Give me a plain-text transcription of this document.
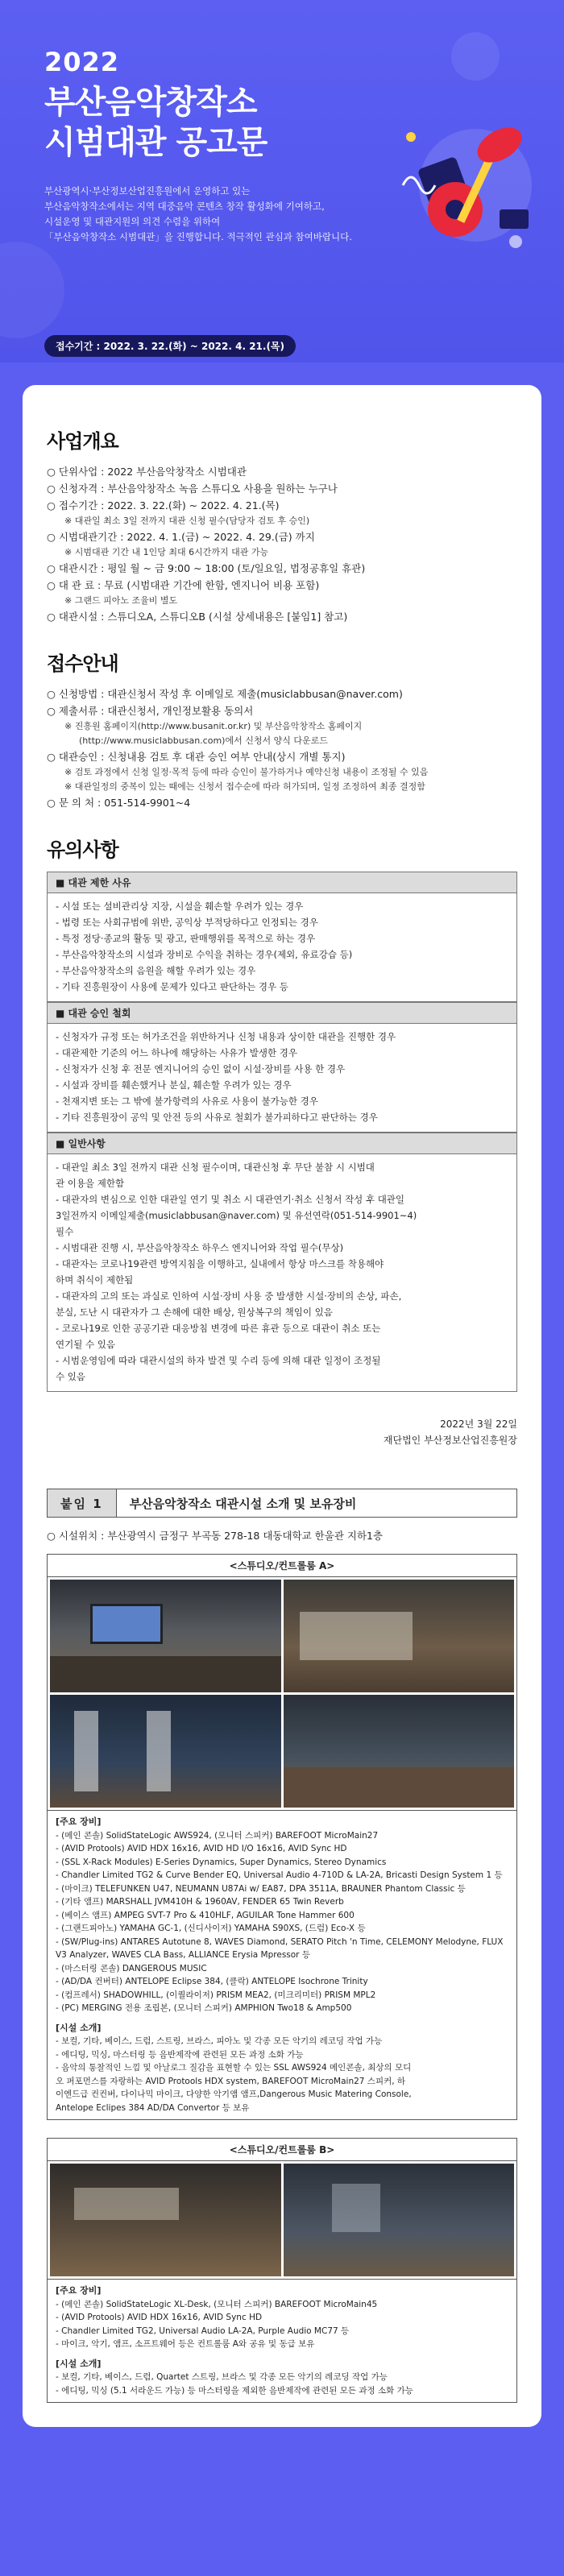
2022
부산음악창작소
시범대관 공고문
부산광역시·부산정보산업진흥원에서 운영하고 있는
부산음악창작소에서는 지역 대중음악 콘텐츠 창작 활성화에 기여하고,
시설운영 및 대관지원의 의견 수렴을 위하여
「부산음악창작소 시범대관」을 진행합니다. 적극적인 관심과 참여바랍니다.
접수기간 : 2022. 3. 22.(화) ~ 2022. 4. 21.(목)
사업개요
○ 단위사업 : 2022 부산음악창작소 시범대관
○ 신청자격 : 부산음악창작소 녹음 스튜디오 사용을 원하는 누구나
○ 접수기간 : 2022. 3. 22.(화) ~ 2022. 4. 21.(목)
※ 대관일 최소 3일 전까지 대관 신청 필수(담당자 검토 후 승인)
○ 시범대관기간 : 2022. 4. 1.(금) ~ 2022. 4. 29.(금) 까지
※ 시범대관 기간 내 1인당 최대 6시간까지 대관 가능
○ 대관시간 : 평일 월 ~ 금 9:00 ~ 18:00 (토/일요일, 법정공휴일 휴관)
○ 대 관 료 : 무료 (시범대관 기간에 한함, 엔지니어 비용 포함)
※ 그랜드 피아노 조율비 별도
○ 대관시설 : 스튜디오A, 스튜디오B (시설 상세내용은 [붙임1] 참고)
접수안내
○ 신청방법 : 대관신청서 작성 후 이메일로 제출(musiclabbusan@naver.com)
○ 제출서류 : 대관신청서, 개인정보활용 동의서
※ 진흥원 홈페이지(http://www.busanit.or.kr) 및 부산음악창작소 홈페이지
(http://www.musiclabbusan.com)에서 신청서 양식 다운로드
○ 대관승인 : 신청내용 검토 후 대관 승인 여부 안내(상시 개별 통지)
※ 검토 과정에서 신청 일정·목적 등에 따라 승인이 불가하거나 예약신청 내용이 조정될 수 있음
※ 대관일정의 중복이 있는 때에는 신청서 접수순에 따라 허가되며, 일정 조정하여 최종 결정함
○ 문 의 처 : 051-514-9901~4
유의사항
■ 대관 제한 사유
- 시설 또는 설비관리상 지장, 시설을 훼손할 우려가 있는 경우
- 법령 또는 사회규범에 위반, 공익상 부적당하다고 인정되는 경우
- 특정 정당·종교의 활동 및 광고, 판매행위를 목적으로 하는 경우
- 부산음악창작소의 시설과 장비로 수익을 취하는 경우(제외, 유료강습 등)
- 부산음악창작소의 음원을 해할 우려가 있는 경우
- 기타 진흥원장이 사용에 문제가 있다고 판단하는 경우 등
■ 대관 승인 철회
- 신청자가 규정 또는 허가조건을 위반하거나 신청 내용과 상이한 대관을 진행한 경우
- 대관제한 기준의 어느 하나에 해당하는 사유가 발생한 경우
- 신청자가 신청 후 전문 엔지니어의 승인 없이 시설·장비를 사용 한 경우
- 시설과 장비를 훼손했거나 분실, 훼손할 우려가 있는 경우
- 천재지변 또는 그 밖에 불가항력의 사유로 사용이 불가능한 경우
- 기타 진흥원장이 공익 및 안전 등의 사유로 철회가 불가피하다고 판단하는 경우
■ 일반사항
- 대관일 최소 3일 전까지 대관 신청 필수이며, 대관신청 후 무단 불참 시 시범대
관 이용을 제한함
- 대관자의 변심으로 인한 대관일 연기 및 취소 시 대관연기·취소 신청서 작성 후 대관일
3일전까지 이메일제출(musiclabbusan@naver.com) 및 유선연락(051-514-9901~4)
필수
- 시범대관 진행 시, 부산음악창작소 하우스 엔지니어와 작업 필수(무상)
- 대관자는 코로나19관련 방역지침을 이행하고, 실내에서 항상 마스크를 착용해야
하며 취식이 제한됨
- 대관자의 고의 또는 과실로 인하여 시설·장비 사용 중 발생한 시설·장비의 손상, 파손,
분실, 도난 시 대관자가 그 손해에 대한 배상, 원상복구의 책임이 있음
- 코로나19로 인한 공공기관 대응방침 변경에 따른 휴관 등으로 대관이 취소 또는
연기될 수 있음
- 시범운영임에 따라 대관시설의 하자 발견 및 수리 등에 의해 대관 일정이 조정될
수 있음
2022년 3월 22일
재단법인 부산정보산업진흥원장
붙임 1	부산음악창작소 대관시설 소개 및 보유장비
○ 시설위치 : 부산광역시 금정구 부곡동 278-18 대동대학교 한울관 지하1층
<스튜디오/컨트롤룸 A>
[주요 장비]
- (메인 콘솔) SolidStateLogic AWS924, (모니터 스피커) BAREFOOT MicroMain27
- (AVID Protools) AVID HDX 16x16, AVID HD I/O 16x16, AVID Sync HD
- (SSL X-Rack Modules) E-Series Dynamics, Super Dynamics, Stereo Dynamics
- Chandler Limited TG2 & Curve Bender EQ, Universal Audio 4-710D & LA-2A, Bricasti Design System 1 등
- (마이크) TELEFUNKEN U47, NEUMANN U87Ai w/ EA87, DPA 3511A, BRAUNER Phantom Classic 등
- (기타 앰프) MARSHALL JVM410H & 1960AV, FENDER 65 Twin Reverb
- (베이스 앰프) AMPEG SVT-7 Pro & 410HLF, AGUILAR Tone Hammer 600
- (그랜드피아노) YAMAHA GC-1, (신디사이저) YAMAHA S90XS, (드럼) Eco-X 등
- (SW/Plug-ins) ANTARES Autotune 8, WAVES Diamond, SERATO Pitch 'n Time, CELEMONY Melodyne, FLUX V3 Analyzer, WAVES CLA Bass, ALLIANCE Erysia Mpressor 등
- (마스터링 콘솔) DANGEROUS MUSIC
- (AD/DA 컨버터) ANTELOPE Eclipse 384, (클락) ANTELOPE Isochrone Trinity
- (컴프레서) SHADOWHILL, (이퀄라이저) PRISM MEA2, (미크리미터) PRISM MPL2
- (PC) MERGING 전용 조립본, (모니터 스피커) AMPHION Two18 & Amp500
[시설 소개]
- 보컬, 기타, 베이스, 드럼, 스트링, 브라스, 피아노 및 각종 모든 악기의 레코딩 작업 가능
- 에디팅, 믹싱, 마스터링 등 음반제작에 관련된 모든 과정 소화 가능
- 음악의 통찰적인 느낌 및 아날로그 질감을 표현할 수 있는 SSL AWS924 메인콘솔, 최상의 모디
오 퍼포먼스를 자랑하는 AVID Protools HDX system, BAREFOOT MicroMain27 스피커, 하
이엔드급 컨컨버, 다이나믹 마이크, 다양한 악기앰 앰프,Dangerous Music Matering Console,
Antelope Eclipes 384 AD/DA Convertor 등 보유
<스튜디오/컨트롤룸 B>
[주요 장비]
- (메인 콘솔) SolidStateLogic XL-Desk, (모니터 스피커) BAREFOOT MicroMain45
- (AVID Protools) AVID HDX 16x16, AVID Sync HD
- Chandler Limited TG2, Universal Audio LA-2A, Purple Audio MC77 등
- 마이크, 악기, 앰프, 소프트웨어 등은 컨트롤룸 A와 공유 및 동급 보유
[시설 소개]
- 보컬, 기타, 베이스, 드럼, Quartet 스트링, 브라스 및 각종 모든 악기의 레코딩 작업 가능
- 에디팅, 믹싱 (5.1 서라운드 가능) 등 마스터링을 제외한 음반제작에 관련된 모든 과정 소화 가능
